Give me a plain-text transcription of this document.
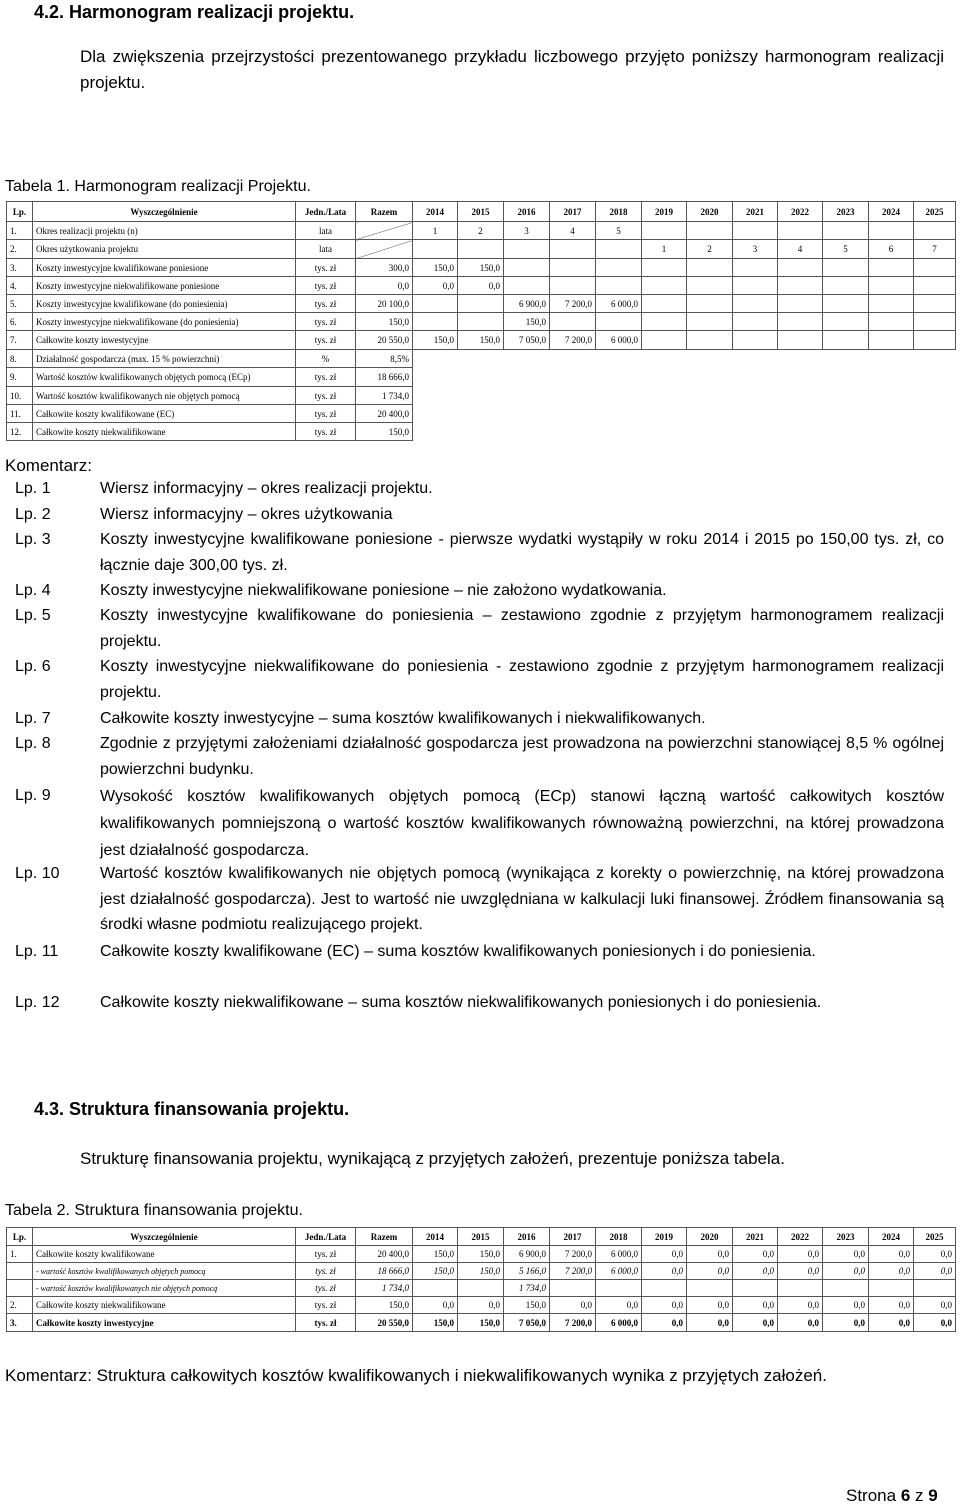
4.2. Harmonogram realizacji projektu.
Dla zwiększenia przejrzystości prezentowanego przykładu liczbowego przyjęto poniższy harmonogram realizacji projektu.
Tabela 1. Harmonogram realizacji Projektu.
Lp.	Wyszczególnienie	Jedn./Lata	Razem	2014	2015	2016	2017	2018	2019	2020	2021	2022	2023	2024	2025
1.	Okres realizacji projektu (n)	lata		1	2	3	4	5							
2.	Okres użytkowania projektu	lata							1	2	3	4	5	6	7
3.	Koszty inwestycyjne kwalifikowane poniesione	tys. zł	300,0	150,0	150,0										
4.	Koszty inwestycyjne niekwalifikowane poniesione	tys. zł	0,0	0,0	0,0										
5.	Koszty inwestycyjne kwalifikowane (do poniesienia)	tys. zł	20 100,0			6 900,0	7 200,0	6 000,0							
6.	Koszty inwestycyjne niekwalifikowane (do poniesienia)	tys. zł	150,0			150,0									
7.	Całkowite koszty inwestycyjne	tys. zł	20 550,0	150,0	150,0	7 050,0	7 200,0	6 000,0							
8.	Działalność gospodarcza (max. 15 % powierzchni)	%	8,5%												
9.	Wartość kosztów kwalifikowanych objętych pomocą (ECp)	tys. zł	18 666,0												
10.	Wartość kosztów kwalifikowanych nie objętych pomocą	tys. zł	1 734,0												
11.	Całkowite koszty kwalifikowane (EC)	tys. zł	20 400,0												
12.	Całkowite koszty niekwalifikowane	tys. zł	150,0												
Komentarz:
Lp. 1	Wiersz informacyjny – okres realizacji projektu.
Lp. 2	Wiersz informacyjny – okres użytkowania
Lp. 3	Koszty inwestycyjne kwalifikowane poniesione - pierwsze wydatki wystąpiły w roku 2014 i 2015 po 150,00 tys. zł, co łącznie daje 300,00 tys. zł.
Lp. 4	Koszty inwestycyjne niekwalifikowane poniesione – nie założono wydatkowania.
Lp. 5	Koszty inwestycyjne kwalifikowane do poniesienia – zestawiono zgodnie z przyjętym harmonogramem realizacji projektu.
Lp. 6	Koszty inwestycyjne niekwalifikowane do poniesienia - zestawiono zgodnie z przyjętym harmonogramem realizacji projektu.
Lp. 7	Całkowite koszty inwestycyjne – suma kosztów kwalifikowanych i niekwalifikowanych.
Lp. 8	Zgodnie z przyjętymi założeniami działalność gospodarcza jest prowadzona na powierzchni stanowiącej 8,5 % ogólnej powierzchni budynku.
Lp. 9	Wysokość kosztów kwalifikowanych objętych pomocą (ECp) stanowi łączną wartość całkowitych kosztów kwalifikowanych pomniejszoną o wartość kosztów kwalifikowanych równoważną powierzchni, na której prowadzona jest działalność gospodarcza.
Lp. 10	Wartość kosztów kwalifikowanych nie objętych pomocą (wynikająca z korekty o powierzchnię, na której prowadzona jest działalność gospodarcza). Jest to wartość nie uwzględniana w kalkulacji luki finansowej. Źródłem finansowania są środki własne podmiotu realizującego projekt.
Lp. 11	Całkowite koszty kwalifikowane (EC) – suma kosztów kwalifikowanych poniesionych i do poniesienia.
Lp. 12	Całkowite koszty niekwalifikowane – suma kosztów niekwalifikowanych poniesionych i do poniesienia.
4.3. Struktura finansowania projektu.
Strukturę finansowania projektu, wynikającą z przyjętych założeń, prezentuje poniższa tabela.
Tabela 2. Struktura finansowania projektu.
Lp.	Wyszczególnienie	Jedn./Lata	Razem	2014	2015	2016	2017	2018	2019	2020	2021	2022	2023	2024	2025
1.	Całkowite koszty kwalifikowane	tys. zł	20 400,0	150,0	150,0	6 900,0	7 200,0	6 000,0	0,0	0,0	0,0	0,0	0,0	0,0	0,0
	- wartość kosztów kwalifikowanych objętych pomocą	tys. zł	18 666,0	150,0	150,0	5 166,0	7 200,0	6 000,0	0,0	0,0	0,0	0,0	0,0	0,0	0,0
	- wartość kosztów kwalifikowanych nie objętych pomocą	tys. zł	1 734,0			1 734,0									
2.	Całkowite koszty niekwalifikowane	tys. zł	150,0	0,0	0,0	150,0	0,0	0,0	0,0	0,0	0,0	0,0	0,0	0,0	0,0
3.	Całkowite koszty inwestycyjne	tys. zł	20 550,0	150,0	150,0	7 050,0	7 200,0	6 000,0	0,0	0,0	0,0	0,0	0,0	0,0	0,0
Komentarz: Struktura całkowitych kosztów kwalifikowanych i niekwalifikowanych wynika z przyjętych założeń.
Strona 6 z 9
